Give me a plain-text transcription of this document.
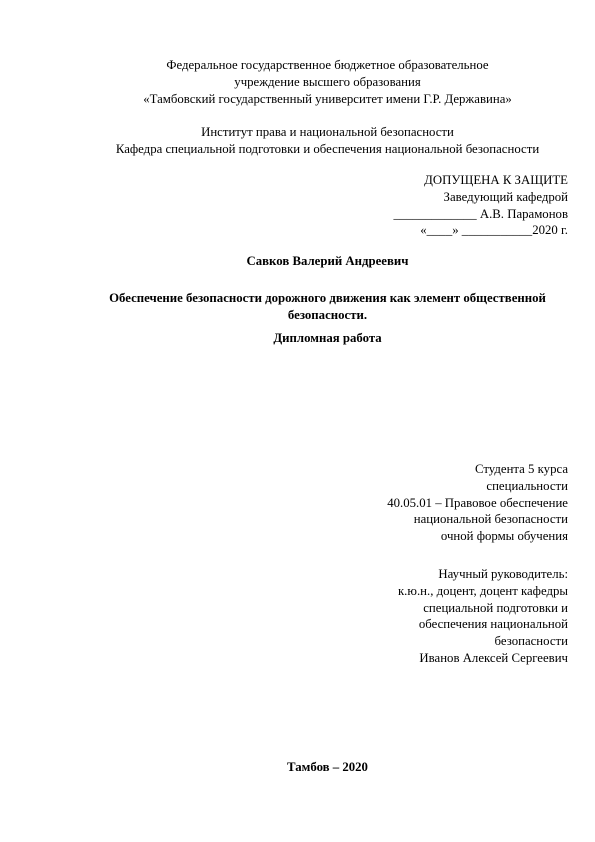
Федеральное государственное бюджетное образовательное
учреждение высшего образования
«Тамбовский государственный университет имени Г.Р. Державина»
Институт права и национальной безопасности
Кафедра специальной подготовки и обеспечения национальной безопасности
ДОПУЩЕНА К ЗАЩИТЕ
Заведующий кафедрой
_____________ А.В. Парамонов
«____» ___________2020 г.
Савков Валерий Андреевич
Обеспечение безопасности дорожного движения как элемент общественной
безопасности.
Дипломная работа
Студента 5 курса
специальности
40.05.01 – Правовое обеспечение
национальной безопасности
очной формы обучения
Научный руководитель:
к.ю.н., доцент, доцент кафедры
специальной подготовки и
обеспечения национальной
безопасности
Иванов Алексей Сергеевич
Тамбов – 2020
